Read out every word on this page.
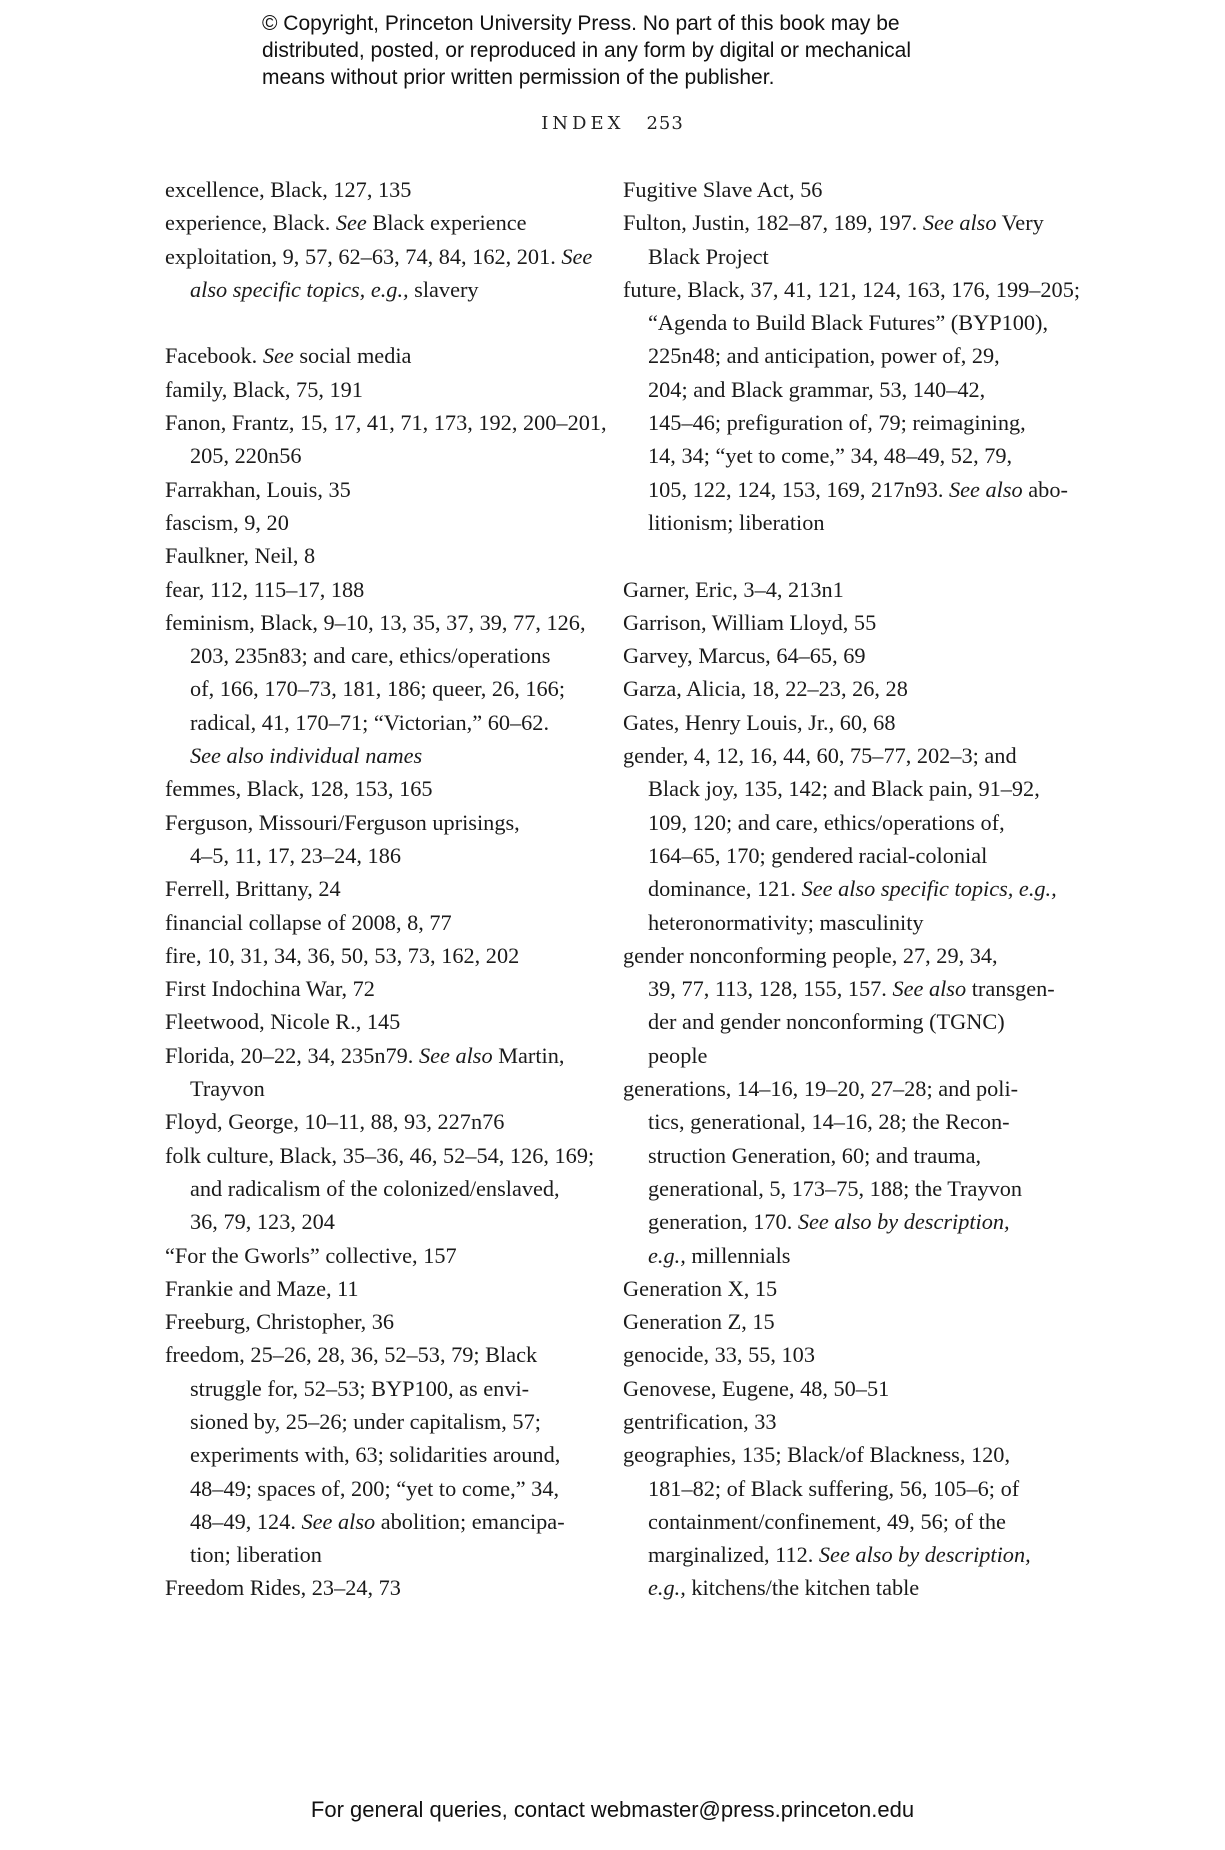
© Copyright, Princeton University Press. No part of this book may be
distributed, posted, or reproduced in any form by digital or mechanical
means without prior written permission of the publisher.
INDEX 253
excellence, Black, 127, 135
experience, Black. See Black experience
exploitation, 9, 57, 62–63, 74, 84, 162, 201. See
also specific topics, e.g., slavery
Facebook. See social media
family, Black, 75, 191
Fanon, Frantz, 15, 17, 41, 71, 173, 192, 200–201,
205, 220n56
Farrakhan, Louis, 35
fascism, 9, 20
Faulkner, Neil, 8
fear, 112, 115–17, 188
feminism, Black, 9–10, 13, 35, 37, 39, 77, 126,
203, 235n83; and care, ethics/operations
of, 166, 170–73, 181, 186; queer, 26, 166;
radical, 41, 170–71; “Victorian,” 60–62.
See also individual names
femmes, Black, 128, 153, 165
Ferguson, Missouri/Ferguson uprisings,
4–5, 11, 17, 23–24, 186
Ferrell, Brittany, 24
financial collapse of 2008, 8, 77
fire, 10, 31, 34, 36, 50, 53, 73, 162, 202
First Indochina War, 72
Fleetwood, Nicole R., 145
Florida, 20–22, 34, 235n79. See also Martin,
Trayvon
Floyd, George, 10–11, 88, 93, 227n76
folk culture, Black, 35–36, 46, 52–54, 126, 169;
and radicalism of the colonized/enslaved,
36, 79, 123, 204
“For the Gworls” collective, 157
Frankie and Maze, 11
Freeburg, Christopher, 36
freedom, 25–26, 28, 36, 52–53, 79; Black
struggle for, 52–53; BYP100, as envi-
sioned by, 25–26; under capitalism, 57;
experiments with, 63; solidarities around,
48–49; spaces of, 200; “yet to come,” 34,
48–49, 124. See also abolition; emancipa-
tion; liberation
Freedom Rides, 23–24, 73
Fugitive Slave Act, 56
Fulton, Justin, 182–87, 189, 197. See also Very
Black Project
future, Black, 37, 41, 121, 124, 163, 176, 199–205;
“Agenda to Build Black Futures” (BYP100),
225n48; and anticipation, power of, 29,
204; and Black grammar, 53, 140–42,
145–46; prefiguration of, 79; reimagining,
14, 34; “yet to come,” 34, 48–49, 52, 79,
105, 122, 124, 153, 169, 217n93. See also abo-
litionism; liberation
Garner, Eric, 3–4, 213n1
Garrison, William Lloyd, 55
Garvey, Marcus, 64–65, 69
Garza, Alicia, 18, 22–23, 26, 28
Gates, Henry Louis, Jr., 60, 68
gender, 4, 12, 16, 44, 60, 75–77, 202–3; and
Black joy, 135, 142; and Black pain, 91–92,
109, 120; and care, ethics/operations of,
164–65, 170; gendered racial-colonial
dominance, 121. See also specific topics, e.g.,
heteronormativity; masculinity
gender nonconforming people, 27, 29, 34,
39, 77, 113, 128, 155, 157. See also transgen-
der and gender nonconforming (TGNC)
people
generations, 14–16, 19–20, 27–28; and poli-
tics, generational, 14–16, 28; the Recon-
struction Generation, 60; and trauma,
generational, 5, 173–75, 188; the Trayvon
generation, 170. See also by description,
e.g., millennials
Generation X, 15
Generation Z, 15
genocide, 33, 55, 103
Genovese, Eugene, 48, 50–51
gentrification, 33
geographies, 135; Black/of Blackness, 120,
181–82; of Black suffering, 56, 105–6; of
containment/confinement, 49, 56; of the
marginalized, 112. See also by description,
e.g., kitchens/the kitchen table
For general queries, contact webmaster@press.princeton.edu
